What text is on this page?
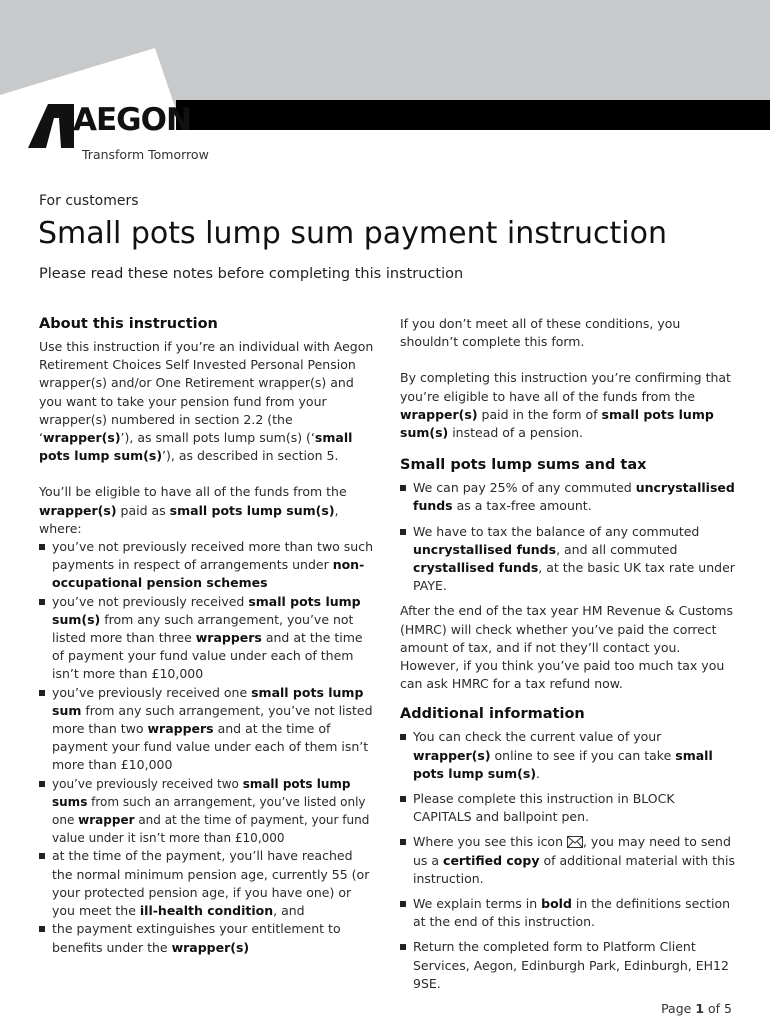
AEGON
Transform Tomorrow
For customers
Small pots lump sum payment instruction
Please read these notes before completing this instruction
About this instruction

Use this instruction if you’re an individual with Aegon Retirement Choices Self Invested Personal Pension wrapper(s) and/or One Retirement wrapper(s) and you want to take your pension fund from your wrapper(s) numbered in section 2.2 (the ‘wrapper(s)’), as small pots lump sum(s) (‘small pots lump sum(s)’), as described in section 5.

You’ll be eligible to have all of the funds from the wrapper(s) paid as small pots lump sum(s), where:

you’ve not previously received more than two such payments in respect of arrangements under non-occupational pension schemes
you’ve not previously received small pots lump sum(s) from any such arrangement, you’ve not listed more than three wrappers and at the time of payment your fund value under each of them isn’t more than £10,000
you’ve previously received one small pots lump sum from any such arrangement, you’ve not listed more than two wrappers and at the time of payment your fund value under each of them isn’t more than £10,000
you’ve previously received two small pots lump sums from such an arrangement, you’ve listed only one wrapper and at the time of payment, your fund value under it isn’t more than £10,000
at the time of the payment, you’ll have reached the normal minimum pension age, currently 55 (or your protected pension age, if you have one) or you meet the ill-health condition, and
the payment extinguishes your entitlement to benefits under the wrapper(s)

If you don’t meet all of these conditions, you shouldn’t complete this form.

By completing this instruction you’re confirming that you’re eligible to have all of the funds from the wrapper(s) paid in the form of small pots lump sum(s) instead of a pension.

Small pots lump sums and tax
We can pay 25% of any commuted uncrystallised funds as a tax-free amount.
We have to tax the balance of any commuted uncrystallised funds, and all commuted crystallised funds, at the basic UK tax rate under PAYE.

After the end of the tax year HM Revenue & Customs (HMRC) will check whether you’ve paid the correct amount of tax, and if not they’ll contact you. However, if you think you’ve paid too much tax you can ask HMRC for a tax refund now.

Additional information
You can check the current value of your wrapper(s) online to see if you can take small pots lump sum(s).
Please complete this instruction in BLOCK CAPITALS and ballpoint pen.
Where you see this icon , you may need to send us a certified copy of additional material with this instruction.
We explain terms in bold in the definitions section at the end of this instruction.
Return the completed form to Platform Client Services, Aegon, Edinburgh Park, Edinburgh, EH12 9SE.
Page 1 of 5
